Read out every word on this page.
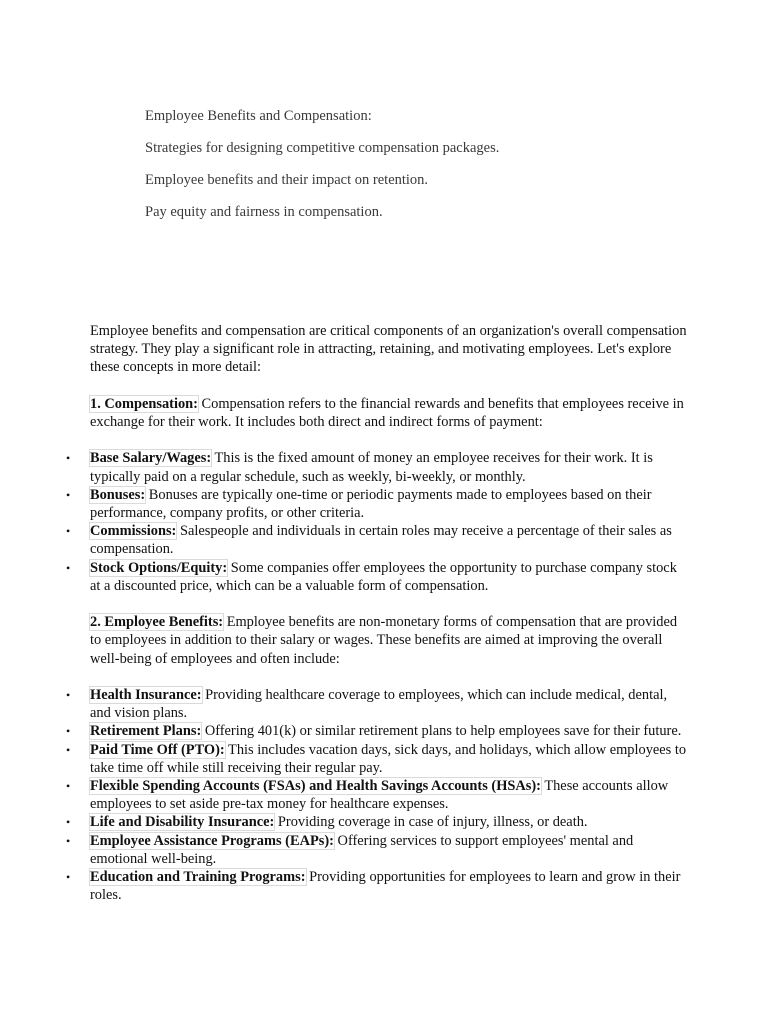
Employee Benefits and Compensation:
Strategies for designing competitive compensation packages.
Employee benefits and their impact on retention.
Pay equity and fairness in compensation.

Employee benefits and compensation are critical components of an organization's overall compensation strategy. They play a significant role in attracting, retaining, and motivating employees. Let's explore these concepts in more detail:

1. Compensation: Compensation refers to the financial rewards and benefits that employees receive in exchange for their work. It includes both direct and indirect forms of payment:

• Base Salary/Wages: This is the fixed amount of money an employee receives for their work. It is typically paid on a regular schedule, such as weekly, bi-weekly, or monthly.
• Bonuses: Bonuses are typically one-time or periodic payments made to employees based on their performance, company profits, or other criteria.
• Commissions: Salespeople and individuals in certain roles may receive a percentage of their sales as compensation.
• Stock Options/Equity: Some companies offer employees the opportunity to purchase company stock at a discounted price, which can be a valuable form of compensation.

2. Employee Benefits: Employee benefits are non-monetary forms of compensation that are provided to employees in addition to their salary or wages. These benefits are aimed at improving the overall well-being of employees and often include:

• Health Insurance: Providing healthcare coverage to employees, which can include medical, dental, and vision plans.
• Retirement Plans: Offering 401(k) or similar retirement plans to help employees save for their future.
• Paid Time Off (PTO): This includes vacation days, sick days, and holidays, which allow employees to take time off while still receiving their regular pay.
• Flexible Spending Accounts (FSAs) and Health Savings Accounts (HSAs): These accounts allow employees to set aside pre-tax money for healthcare expenses.
• Life and Disability Insurance: Providing coverage in case of injury, illness, or death.
• Employee Assistance Programs (EAPs): Offering services to support employees' mental and emotional well-being.
• Education and Training Programs: Providing opportunities for employees to learn and grow in their roles.
